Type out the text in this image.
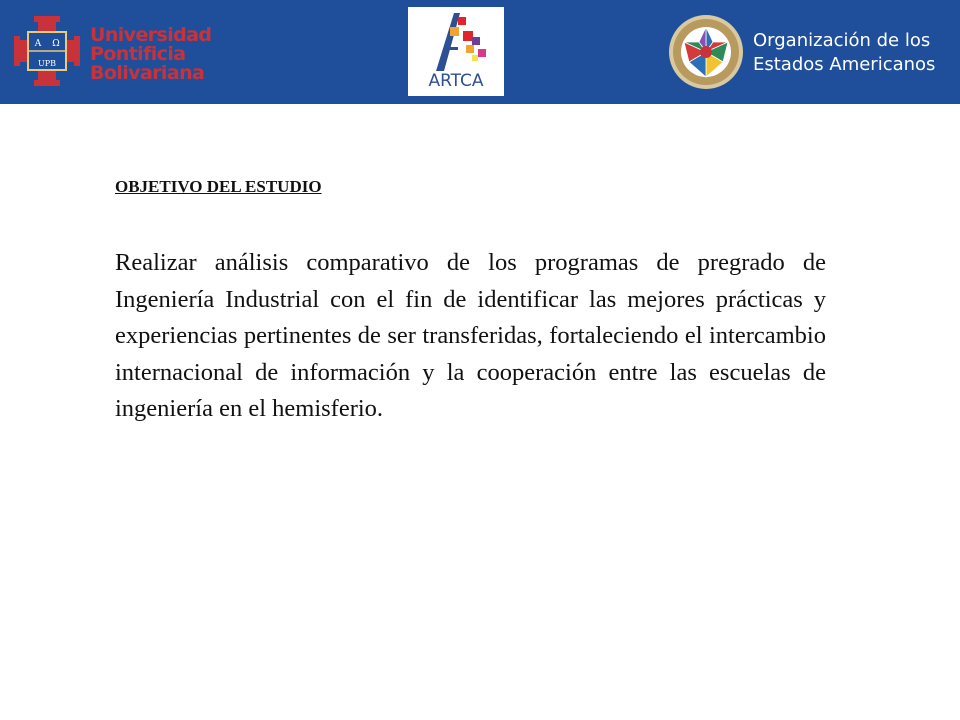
A Ω
UPB
Universidad
Pontificia
Bolivariana	ARTCA
Organización de los
Estados Americanos
OBJETIVO DEL ESTUDIO
Realizar análisis comparativo de los programas de pregrado de Ingeniería Industrial con el fin de identificar las mejores prácticas y experiencias pertinentes de ser transferidas, fortaleciendo el intercambio internacional de información y la cooperación entre las escuelas de ingeniería en el hemisferio.
